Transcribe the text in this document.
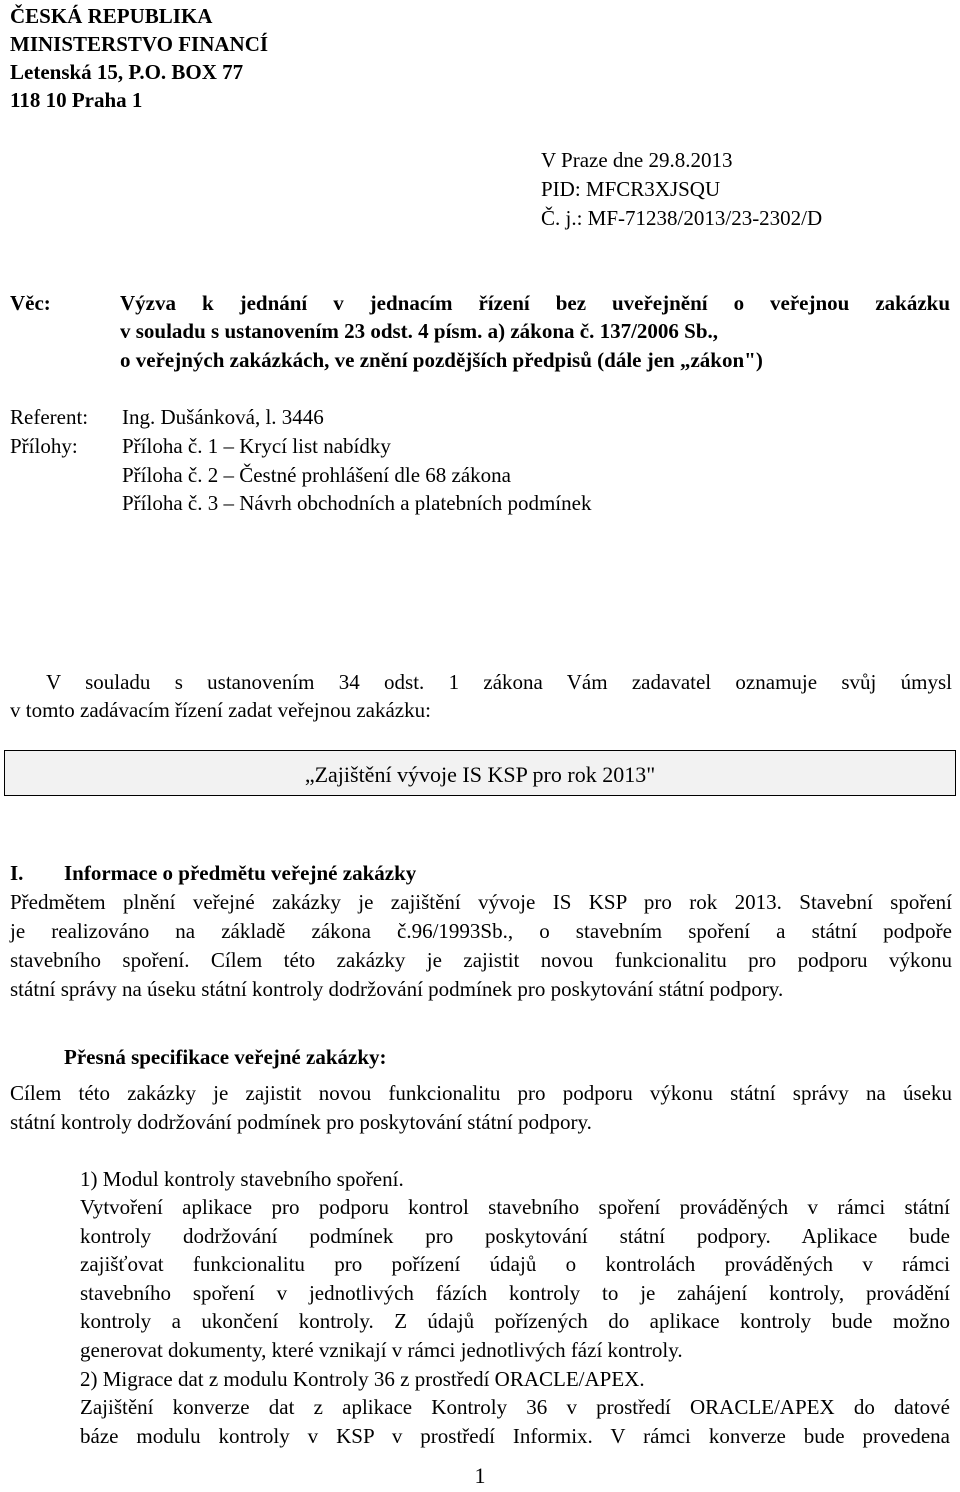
ČESKÁ REPUBLIKA
MINISTERSTVO FINANCÍ
Letenská 15, P.O. BOX 77
118 10 Praha 1
V Praze dne 29.8.2013
PID: MFCR3XJSQU
Č. j.: MF-71238/2013/23-2302/D
Věc:	Výzva k jednání v jednacím řízení bez uveřejnění o veřejnou zakázku
v souladu s ustanovením 23 odst. 4 písm. a) zákona č. 137/2006 Sb.,
o veřejných zakázkách, ve znění pozdějších předpisů (dále jen „zákon")
Referent: Ing. Dušánková, l. 3446
Přílohy: Příloha č. 1 – Krycí list nabídky
Příloha č. 2 – Čestné prohlášení dle 68 zákona
Příloha č. 3 – Návrh obchodních a platebních podmínek
V souladu s ustanovením 34 odst. 1 zákona Vám zadavatel oznamuje svůj úmysl
v tomto zadávacím řízení zadat veřejnou zakázku:
„Zajištění vývoje IS KSP pro rok 2013"
I. Informace o předmětu veřejné zakázky
Předmětem plnění veřejné zakázky je zajištění vývoje IS KSP pro rok 2013. Stavební spoření
je realizováno na základě zákona č.96/1993Sb., o stavebním spoření a státní podpoře
stavebního spoření. Cílem této zakázky je zajistit novou funkcionalitu pro podporu výkonu
státní správy na úseku státní kontroly dodržování podmínek pro poskytování státní podpory.
Přesná specifikace veřejné zakázky:
Cílem této zakázky je zajistit novou funkcionalitu pro podporu výkonu státní správy na úseku
státní kontroly dodržování podmínek pro poskytování státní podpory.
1) Modul kontroly stavebního spoření.
Vytvoření aplikace pro podporu kontrol stavebního spoření prováděných v rámci státní
kontroly dodržování podmínek pro poskytování státní podpory. Aplikace bude
zajišťovat funkcionalitu pro pořízení údajů o kontrolách prováděných v rámci
stavebního spoření v jednotlivých fázích kontroly to je zahájení kontroly, provádění
kontroly a ukončení kontroly. Z údajů pořízených do aplikace kontroly bude možno
generovat dokumenty, které vznikají v rámci jednotlivých fází kontroly.
2) Migrace dat z modulu Kontroly 36 z prostředí ORACLE/APEX.
Zajištění konverze dat z aplikace Kontroly 36 v prostředí ORACLE/APEX do datové
báze modulu kontroly v KSP v prostředí Informix. V rámci konverze bude provedena
1
